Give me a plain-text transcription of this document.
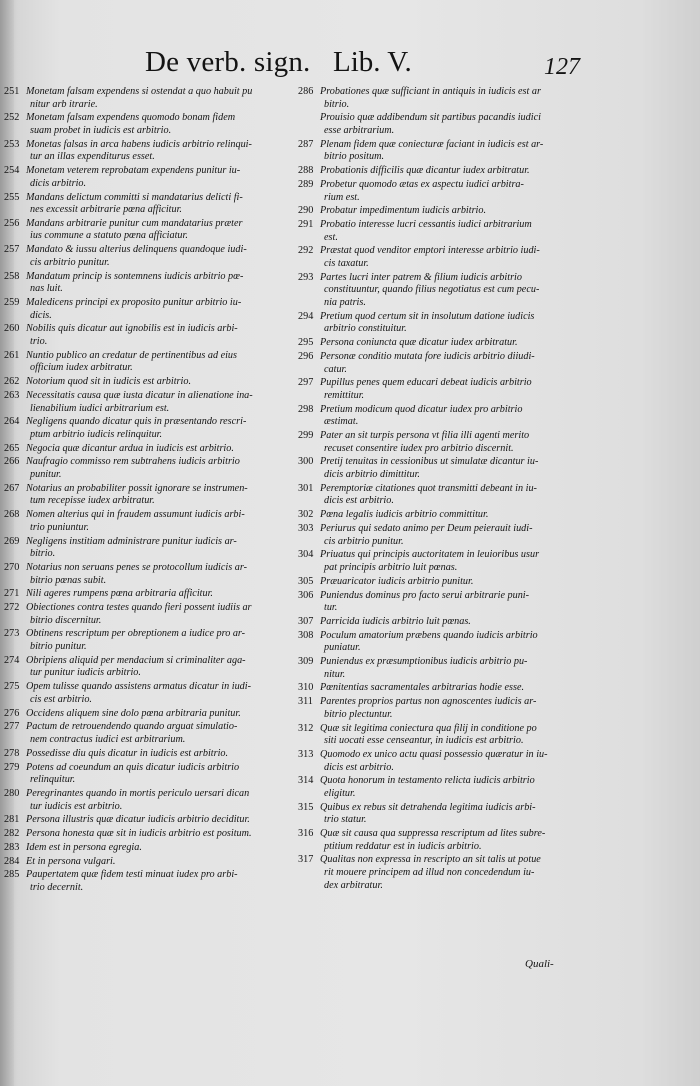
De verb. sign. Lib. V.	127
251 Monetam falsam expendens si ostendat a quo habuit pu
nitur arb itrarie.
252 Monetam falsam expendens quomodo bonam fidem
suam probet in iudicis est arbitrio.
253 Monetas falsas in arca habens iudicis arbitrio relinqui-
tur an illas expenditurus esset.
254 Monetam veterem reprobatam expendens punitur iu-
dicis arbitrio.
255 Mandans delictum committi si mandatarius delicti fi-
nes excessit arbitrarie pœna afficitur.
256 Mandans arbitrarie punitur cum mandatarius præter
ius commune a statuto pœna afficiatur.
257 Mandato & iussu alterius delinquens quandoque iudi-
cis arbitrio punitur.
258 Mandatum princip is sontemnens iudicis arbitrio pœ-
nas luit.
259 Maledicens principi ex proposito punitur arbitrio iu-
dicis.
260 Nobilis quis dicatur aut ignobilis est in iudicis arbi-
trio.
261 Nuntio publico an credatur de pertinentibus ad eius
officium iudex arbitratur.
262 Notorium quod sit in iudicis est arbitrio.
263 Necessitatis causa quæ iusta dicatur in alienatione ina-
lienabilium iudici arbitrarium est.
264 Negligens quando dicatur quis in præsentando rescri-
ptum arbitrio iudicis relinquitur.
265 Negocia quæ dicantur ardua in iudicis est arbitrio.
266 Naufragio commisso rem subtrahens iudicis arbitrio
punitur.
267 Notarius an probabiliter possit ignorare se instrumen-
tum recepisse iudex arbitratur.
268 Nomen alterius qui in fraudem assumunt iudicis arbi-
trio puniuntur.
269 Negligens institiam administrare punitur iudicis ar-
bitrio.
270 Notarius non seruans penes se protocollum iudicis ar-
bitrio pœnas subit.
271 Nili ageres rumpens pœna arbitraria afficitur.
272 Obiectiones contra testes quando fieri possent iudiis ar
bitrio discernitur.
273 Obtinens rescriptum per obreptionem a iudice pro ar-
bitrio punitur.
274 Obripiens aliquid per mendacium si criminaliter aga-
tur punitur iudicis arbitrio.
275 Opem tulisse quando assistens armatus dicatur in iudi-
cis est arbitrio.
276 Occidens aliquem sine dolo pœna arbitraria punitur.
277 Pactum de retrouendendo quando arguat simulatio-
nem contractus iudici est arbitrarium.
278 Possedisse diu quis dicatur in iudicis est arbitrio.
279 Potens ad coeundum an quis dicatur iudicis arbitrio
relinquitur.
280 Peregrinantes quando in mortis periculo uersari dican
tur iudicis est arbitrio.
281 Persona illustris quæ dicatur iudicis arbitrio deciditur.
282 Persona honesta quæ sit in iudicis arbitrio est positum.
283 Idem est in persona egregia.
284 Et in persona vulgari.
285 Paupertatem quæ fidem testi minuat iudex pro arbi-
trio decernit.
286 Probationes quæ sufficiant in antiquis in iudicis est ar
bitrio.
Prouisio quæ addibendum sit partibus pacandis iudici
esse arbitrarium.
287 Plenam fidem quæ coniecturæ faciant in iudicis est ar-
bitrio positum.
288 Probationis difficilis quæ dicantur iudex arbitratur.
289 Probetur quomodo ætas ex aspectu iudici arbitra-
rium est.
290 Probatur impedimentum iudicis arbitrio.
291 Probatio interesse lucri cessantis iudici arbitrarium
est.
292 Præstat quod venditor emptori interesse arbitrio iudi-
cis taxatur.
293 Partes lucri inter patrem & filium iudicis arbitrio
constituuntur, quando filius negotiatus est cum pecu-
nia patris.
294 Pretium quod certum sit in insolutum datione iudicis
arbitrio constituitur.
295 Persona coniuncta quæ dicatur iudex arbitratur.
296 Personæ conditio mutata fore iudicis arbitrio diiudi-
catur.
297 Pupillus penes quem educari debeat iudicis arbitrio
remittitur.
298 Pretium modicum quod dicatur iudex pro arbitrio
æstimat.
299 Pater an sit turpis persona vt filia illi agenti merito
recuset consentire iudex pro arbitrio discernit.
300 Pretij tenuitas in cessionibus ut simulatæ dicantur iu-
dicis arbitrio dimittitur.
301 Peremptoriæ citationes quot transmitti debeant in iu-
dicis est arbitrio.
302 Pœna legalis iudicis arbitrio committitur.
303 Periurus qui sedato animo per Deum peierauit iudi-
cis arbitrio punitur.
304 Priuatus qui principis auctoritatem in leuioribus usur
pat principis arbitrio luit pœnas.
305 Præuaricator iudicis arbitrio punitur.
306 Puniendus dominus pro facto serui arbitrarie puni-
tur.
307 Parricida iudicis arbitrio luit pœnas.
308 Poculum amatorium præbens quando iudicis arbitrio
puniatur.
309 Puniendus ex præsumptionibus iudicis arbitrio pu-
nitur.
310 Pœnitentias sacramentales arbitrarias hodie esse.
311 Parentes proprios partus non agnoscentes iudicis ar-
bitrio plectuntur.
312 Quæ sit legitima coniectura qua filij in conditione po
siti uocati esse censeantur, in iudicis est arbitrio.
313 Quomodo ex unico actu quasi possessio quæratur in iu-
dicis est arbitrio.
314 Quota honorum in testamento relicta iudicis arbitrio
eligitur.
315 Quibus ex rebus sit detrahenda legitima iudicis arbi-
trio statur.
316 Quæ sit causa qua suppressa rescriptum ad lites subre-
ptitium reddatur est in iudicis arbitrio.
317 Qualitas non expressa in rescripto an sit talis ut potue
rit mouere principem ad illud non concedendum iu-
dex arbitratur.
Quali-
